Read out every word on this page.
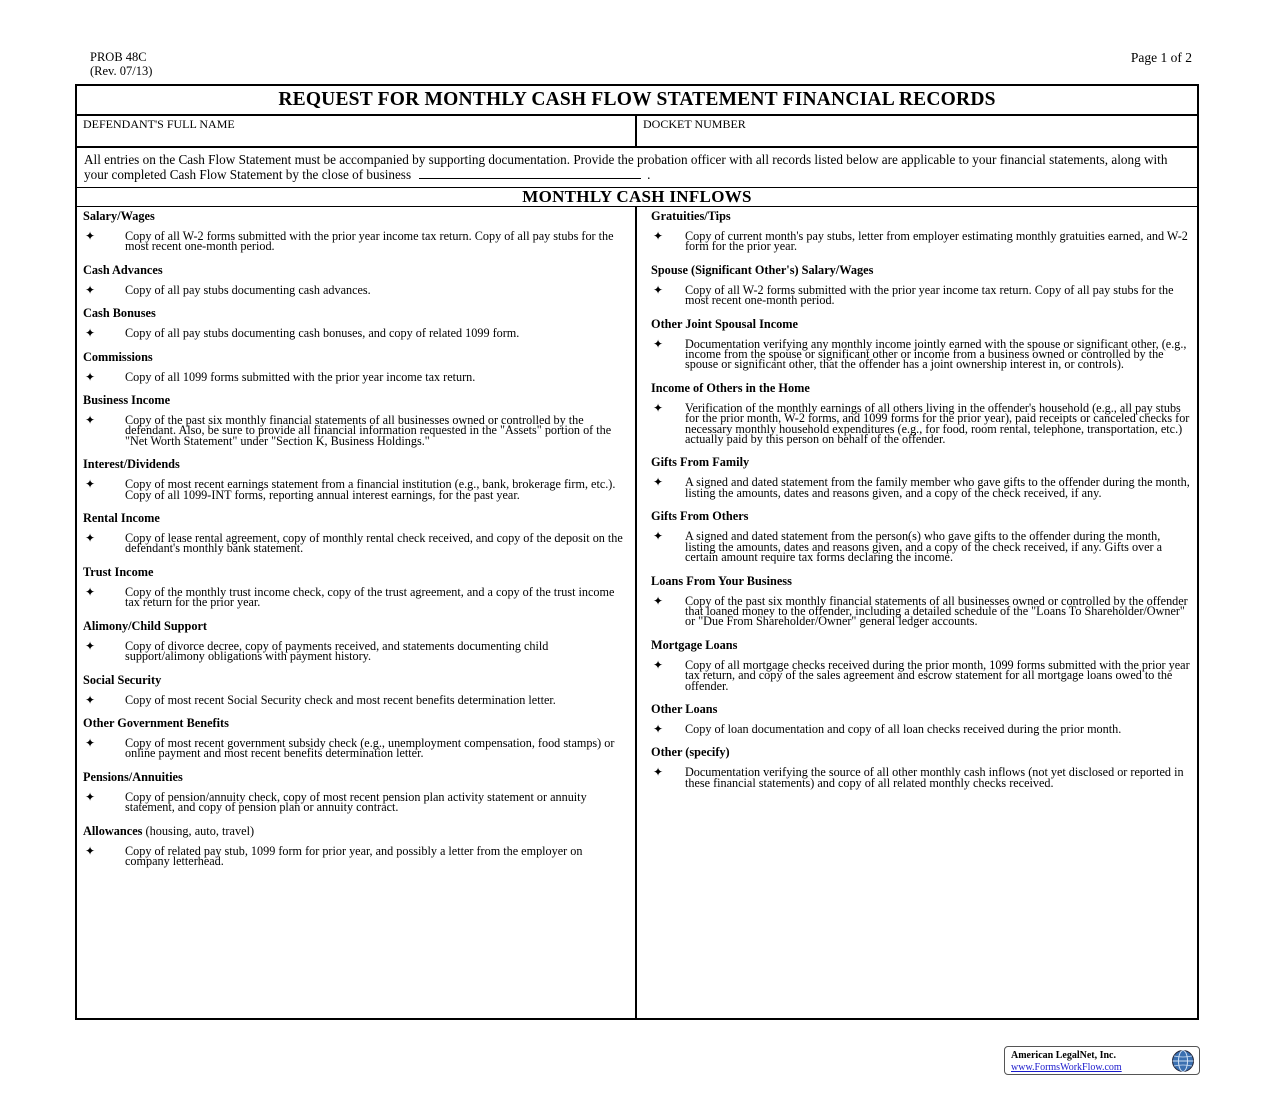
PROB 48C
(Rev. 07/13)
Page 1 of 2
REQUEST FOR MONTHLY CASH FLOW STATEMENT FINANCIAL RECORDS
DEFENDANT'S FULL NAME	DOCKET NUMBER
All entries on the Cash Flow Statement must be accompanied by supporting documentation. Provide the probation officer with all records listed below are applicable to your financial statements, along with your completed Cash Flow Statement by the close of business	.
MONTHLY CASH INFLOWS
Salary/Wages
✦	Copy of all W-2 forms submitted with the prior year income tax return. Copy of all pay stubs for the most recent one-month period.
Cash Advances
✦	Copy of all pay stubs documenting cash advances.
Cash Bonuses
✦	Copy of all pay stubs documenting cash bonuses, and copy of related 1099 form.
Commissions
✦	Copy of all 1099 forms submitted with the prior year income tax return.
Business Income
✦	Copy of the past six monthly financial statements of all businesses owned or controlled by the defendant. Also, be sure to provide all financial information requested in the "Assets" portion of the "Net Worth Statement" under "Section K, Business Holdings."
Interest/Dividends
✦	Copy of most recent earnings statement from a financial institution (e.g., bank, brokerage firm, etc.). Copy of all 1099-INT forms, reporting annual interest earnings, for the past year.
Rental Income
✦	Copy of lease rental agreement, copy of monthly rental check received, and copy of the deposit on the defendant's monthly bank statement.
Trust Income
✦	Copy of the monthly trust income check, copy of the trust agreement, and a copy of the trust income tax return for the prior year.
Alimony/Child Support
✦	Copy of divorce decree, copy of payments received, and statements documenting child support/alimony obligations with payment history.
Social Security
✦	Copy of most recent Social Security check and most recent benefits determination letter.
Other Government Benefits
✦	Copy of most recent government subsidy check (e.g., unemployment compensation, food stamps) or online payment and most recent benefits determination letter.
Pensions/Annuities
✦	Copy of pension/annuity check, copy of most recent pension plan activity statement or annuity statement, and copy of pension plan or annuity contract.
Allowances (housing, auto, travel)
✦	Copy of related pay stub, 1099 form for prior year, and possibly a letter from the employer on company letterhead.
Gratuities/Tips
✦	Copy of current month's pay stubs, letter from employer estimating monthly gratuities earned, and W-2 form for the prior year.
Spouse (Significant Other's) Salary/Wages
✦	Copy of all W-2 forms submitted with the prior year income tax return. Copy of all pay stubs for the most recent one-month period.
Other Joint Spousal Income
✦	Documentation verifying any monthly income jointly earned with the spouse or significant other, (e.g., income from the spouse or significant other or income from a business owned or controlled by the spouse or significant other, that the offender has a joint ownership interest in, or controls).
Income of Others in the Home
✦	Verification of the monthly earnings of all others living in the offender's household (e.g., all pay stubs for the prior month, W-2 forms, and 1099 forms for the prior year), paid receipts or canceled checks for necessary monthly household expenditures (e.g., for food, room rental, telephone, transportation, etc.) actually paid by this person on behalf of the offender.
Gifts From Family
✦	A signed and dated statement from the family member who gave gifts to the offender during the month, listing the amounts, dates and reasons given, and a copy of the check received, if any.
Gifts From Others
✦	A signed and dated statement from the person(s) who gave gifts to the offender during the month, listing the amounts, dates and reasons given, and a copy of the check received, if any. Gifts over a certain amount require tax forms declaring the income.
Loans From Your Business
✦	Copy of the past six monthly financial statements of all businesses owned or controlled by the offender that loaned money to the offender, including a detailed schedule of the "Loans To Shareholder/Owner" or "Due From Shareholder/Owner" general ledger accounts.
Mortgage Loans
✦	Copy of all mortgage checks received during the prior month, 1099 forms submitted with the prior year tax return, and copy of the sales agreement and escrow statement for all mortgage loans owed to the offender.
Other Loans
✦	Copy of loan documentation and copy of all loan checks received during the prior month.
Other (specify)
✦	Documentation verifying the source of all other monthly cash inflows (not yet disclosed or reported in these financial statements) and copy of all related monthly checks received.
American LegalNet, Inc.
www.FormsWorkFlow.com
